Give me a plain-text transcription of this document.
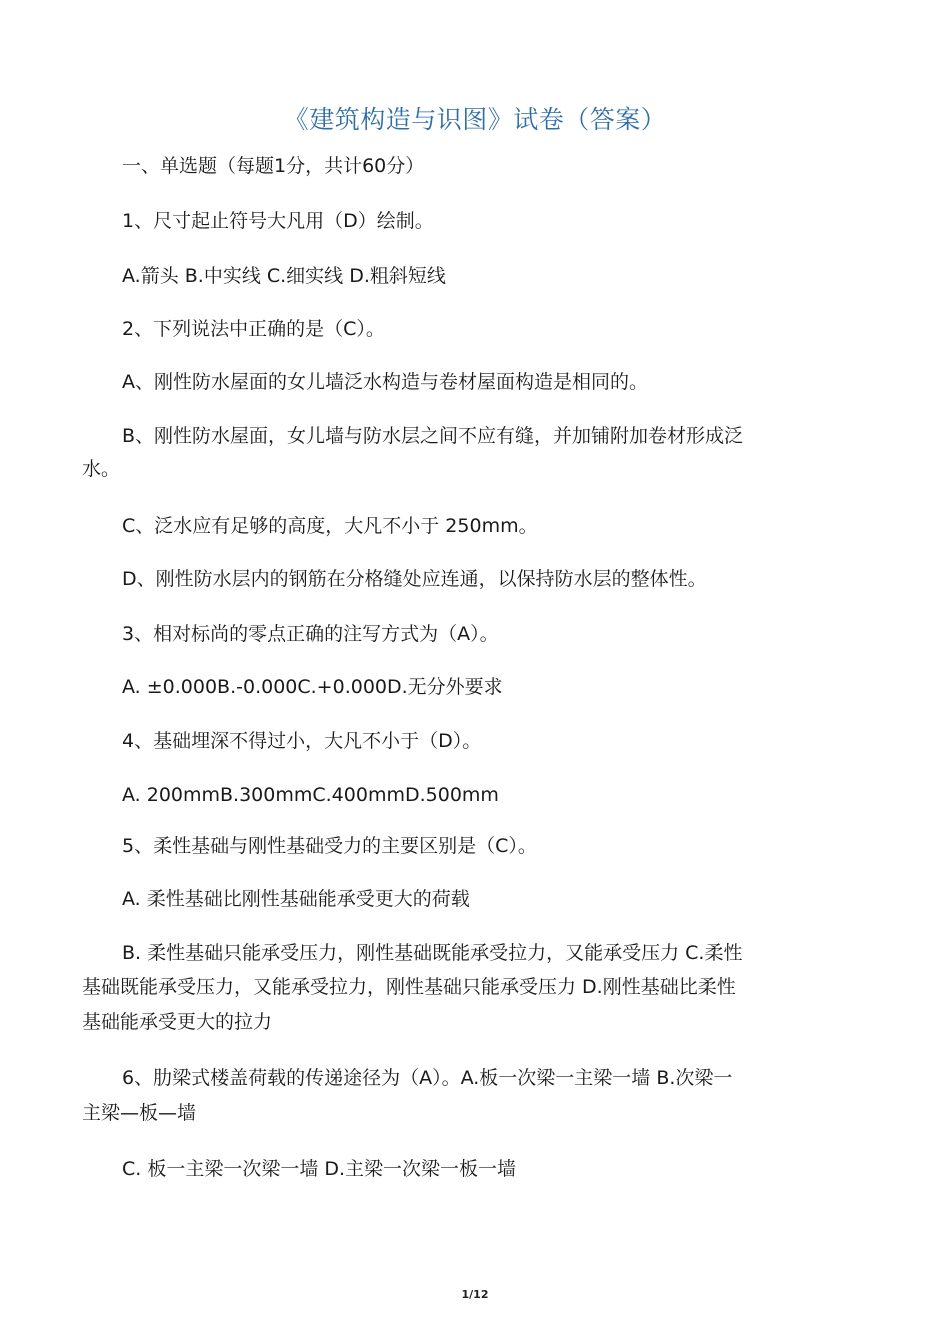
《建筑构造与识图》试卷（答案）
一、单选题（每题1分，共计60分）
1、尺寸起止符号大凡用（D）绘制。
A.箭头 B.中实线 C.细实线 D.粗斜短线
2、下列说法中正确的是（C）。
A、刚性防水屋面的女儿墙泛水构造与卷材屋面构造是相同的。
B、刚性防水屋面，女儿墙与防水层之间不应有缝，并加铺附加卷材形成泛
水。
C、泛水应有足够的高度，大凡不小于 250mm。
D、刚性防水层内的钢筋在分格缝处应连通，以保持防水层的整体性。
3、相对标尚的零点正确的注写方式为（A）。
A. ±0.000B.-0.000C.+0.000D.无分外要求
4、基础埋深不得过小，大凡不小于（D）。
A. 200mmB.300mmC.400mmD.500mm
5、柔性基础与刚性基础受力的主要区别是（C）。
A. 柔性基础比刚性基础能承受更大的荷载
B. 柔性基础只能承受压力，刚性基础既能承受拉力，又能承受压力 C.柔性
基础既能承受压力，又能承受拉力，刚性基础只能承受压力 D.刚性基础比柔性
基础能承受更大的拉力
6、肋梁式楼盖荷载的传递途径为（A）。A.板一次梁一主梁一墙 B.次梁一
主梁—板—墙
C. 板一主梁一次梁一墙 D.主梁一次梁一板一墙
1/12
